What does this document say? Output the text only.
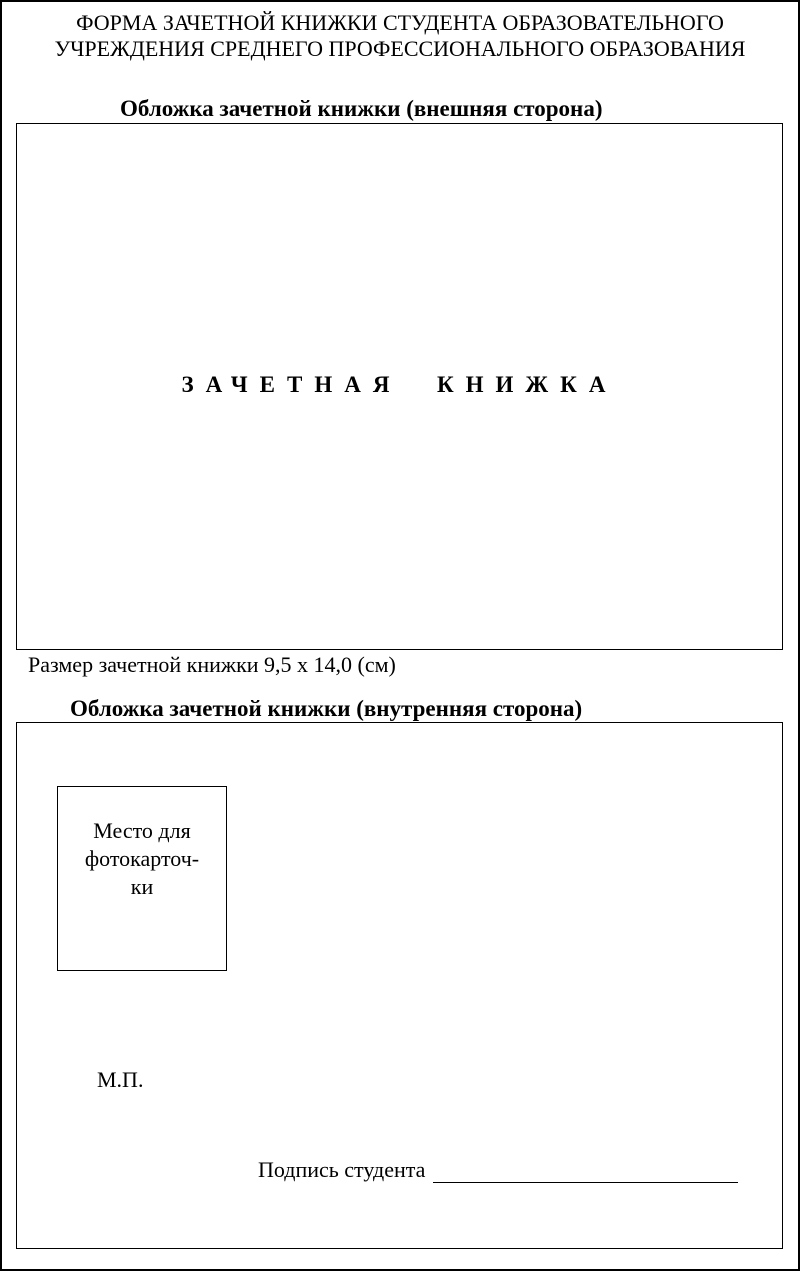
ФОРМА ЗАЧЕТНОЙ КНИЖКИ СТУДЕНТА ОБРАЗОВАТЕЛЬНОГО
УЧРЕЖДЕНИЯ СРЕДНЕГО ПРОФЕССИОНАЛЬНОГО ОБРАЗОВАНИЯ
Обложка зачетной книжки (внешняя сторона)
ЗАЧЕТНАЯ  КНИЖКА
Размер зачетной книжки 9,5 х 14,0 (см)
Обложка зачетной книжки (внутренняя сторона)
Место для
фотокарточ-
ки
М.П.
Подпись студента
